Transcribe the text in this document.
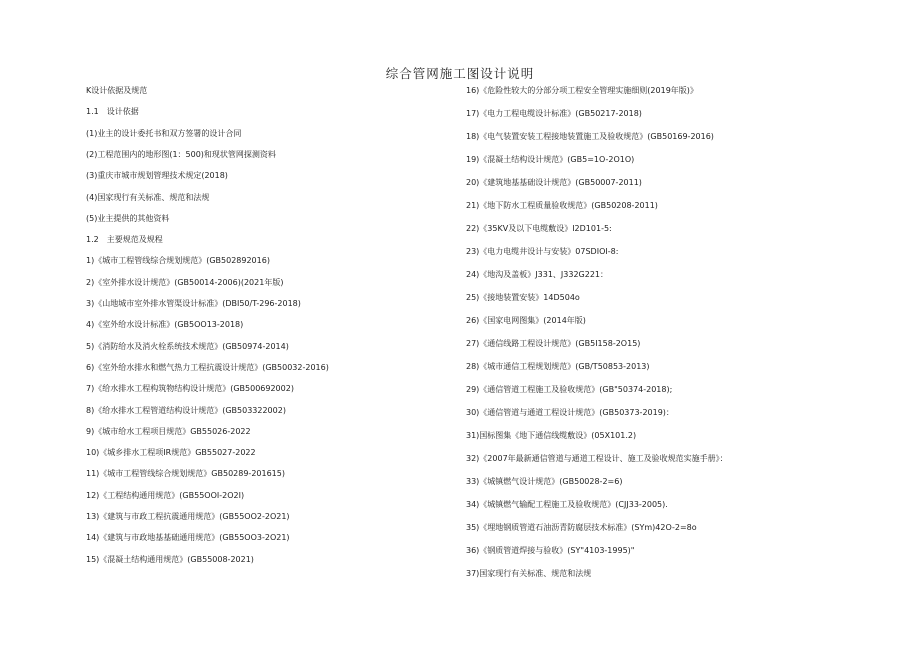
综合管网施工图设计说明
K设计依据及规范
1.1　设计依据
(1)业主的设计委托书和双方签署的设计合同
(2)工程范围内的地形图(1：500)和现状管网探测资料
(3)重庆市城市规划管理技术规定(2018)
(4)国家现行有关标准、规范和法规
(5)业主提供的其他资料
1.2　主要规范及规程
1)《城市工程管线综合规划规范》(GB502892016)
2)《室外排水设计规范》(GB50014-2006)(2021年版)
3)《山地城市室外排水管渠设计标准》(DBI50/T-296-2018)
4)《室外给水设计标准》(GB5OO13-2018)
5)《消防给水及消火栓系统技术规范》(GB50974-2014)
6)《室外给水排水和燃气热力工程抗震设计规范》(GB50032-2016)
7)《给水排水工程构筑物结构设计规范》(GB500692002)
8)《给水排水工程管道结构设计规范》(GB503322002)
9)《城市给水工程项目规范》GB55026-2022
10)《城乡排水工程项IR规范》GB55027-2022
11)《城市工程管线综合规划规范》GB50289-201615)
12)《工程结构通用规范》(GB55OOI-2O2I)
13)《建筑与市政工程抗震通用规范》(GB55OO2-2O21)
14)《建筑与市政地基基础通用规范》(GB55OO3-2O21)
15)《混凝土结构通用规范》(GB55008-2021)
16)《危险性较大的分部分项工程安全管理实施细则(2019年版)》
17)《电力工程电缆设计标准》(GB50217-2018)
18)《电气装置安装工程接地装置施工及验收规范》(GB50169-2016)
19)《混凝土结构设计规范》(GB5=1O-2O1O)
20)《建筑地基基础设计规范》(GB50007-2011)
21)《地下防水工程质量验收规范》(GB50208-2011)
22)《35KV及以下电缆敷设》I2D101-5:
23)《电力电缆井设计与安装》07SDIOI-8:
24)《地沟及盖板》J331、J332G221：
25)《接地装置安装》14D504o
26)《国家电网图集》(2014年版)
27)《通信线路工程设计规范》(GB5I158-2O15)
28)《城市通信工程规划规范》(GB/T50853-2013)
29)《通信管道工程施工及验收规范》(GB"50374-2018);
30)《通信管道与通道工程设计规范》(GB50373-2019)：
31)国标图集《地下通信线缆敷设》(05X101.2)
32)《2007年最新通信管道与通道工程设计、施工及验收规范实施手册》：
33)《城镇燃气设计规范》(GB50028-2=6)
34)《城镇燃气输配工程施工及验收规范》(CJJ33-2005).
35)《埋地钢质管道石油沥青防腐层技术标准》(SYm)42O-2=8o
36)《钢质管道焊接与验收》(SY"4103-1995)"
37)国家现行有关标准、规范和法规
